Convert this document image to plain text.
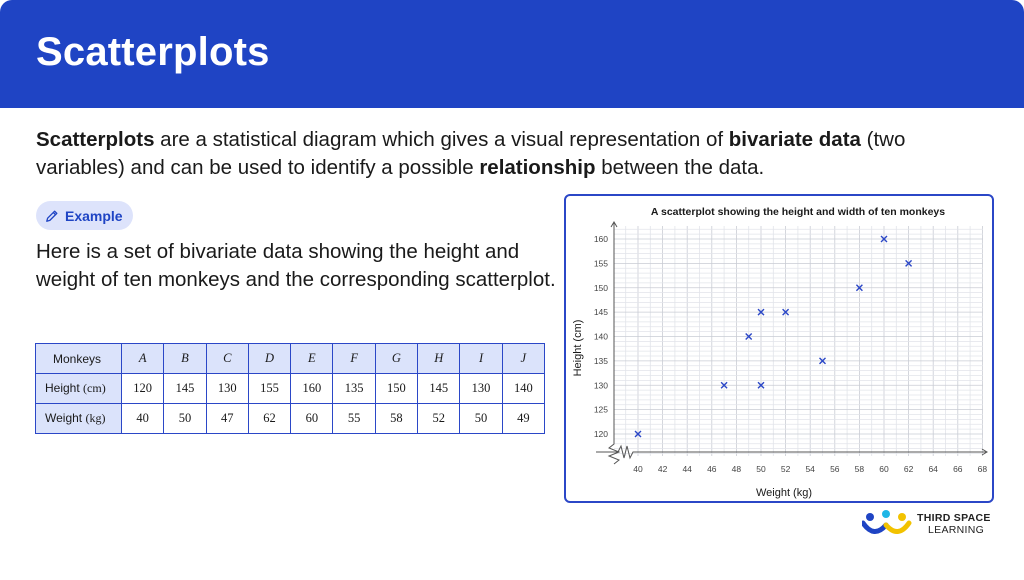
Scatterplots

Scatterplots are a statistical diagram which gives a visual representation of bivariate data (two variables) and can be used to identify a possible relationship between the data.

Example

Here is a set of bivariate data showing the height and weight of ten monkeys and the corresponding scatterplot.

Monkeys	A	B	C	D	E	F	G	H	I	J
Height (cm)	120	145	130	155	160	135	150	145	130	140
Weight (kg)	40	50	47	62	60	55	58	52	50	49
A scatterplot showing the height and width of ten monkeys
40 42 44 46 48 50 52 54 56 58 60 62 64 66 68
120
125
130
135
140
145
150
155
160
Weight (kg)
Height (cm)
THIRD SPACE
LEARNING
